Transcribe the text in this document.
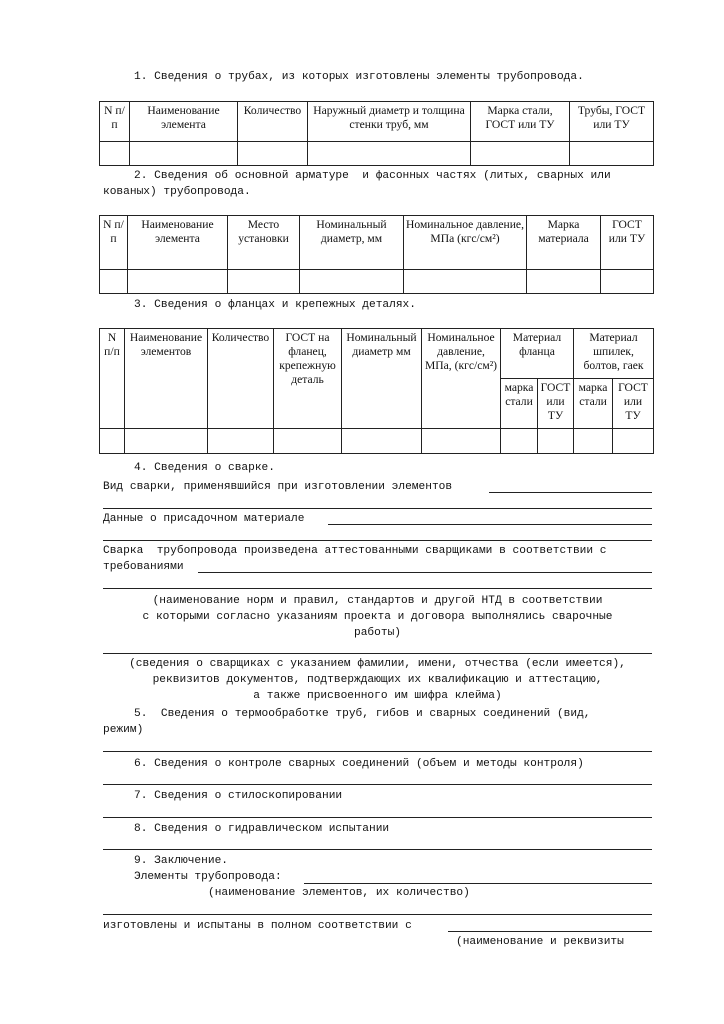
1. Сведения о трубах, из которых изготовлены элементы трубопровода.
N п/п	Наименование элемента	Количество	Наружный диаметр и толщина стенки труб, мм	Марка стали, ГОСТ или ТУ	Трубы, ГОСТ или ТУ

2. Сведения об основной арматуре  и фасонных частях (литых, сварных или
кованых) трубопровода.
N п/п	Наименование элемента	Место установки	Номинальный диаметр, мм	Номинальное давление, МПа (кгс/см²)	Марка материала	ГОСТ или ТУ

3. Сведения о фланцах и крепежных деталях.
N п/п	Наименование элементов	Количество	ГОСТ на фланец, крепежную деталь	Номинальный диаметр мм	Номинальное давление, МПа, (кгс/см²)	Материал фланца		Материал шпилек, болтов, гаек	
						марка стали	ГОСТ или ТУ	марка стали	ГОСТ или ТУ

4. Сведения о сварке.
Вид сварки, применявшийся при изготовлении элементов
Данные о присадочном материале
Сварка  трубопровода произведена аттестованными сварщиками в соответствии с
требованиями
(наименование норм и правил, стандартов и другой НТД в соответствии
с которыми согласно указаниям проекта и договора выполнялись сварочные
работы)
(сведения о сварщиках с указанием фамилии, имени, отчества (если имеется),
реквизитов документов, подтверждающих их квалификацию и аттестацию,
а также присвоенного им шифра клейма)
5.  Сведения о термообработке труб, гибов и сварных соединений (вид,
режим)
6. Сведения о контроле сварных соединений (объем и методы контроля)
7. Сведения о стилоскопировании
8. Сведения о гидравлическом испытании
9. Заключение.
Элементы трубопровода:
(наименование элементов, их количество)
изготовлены и испытаны в полном соответствии с
(наименование и реквизиты
